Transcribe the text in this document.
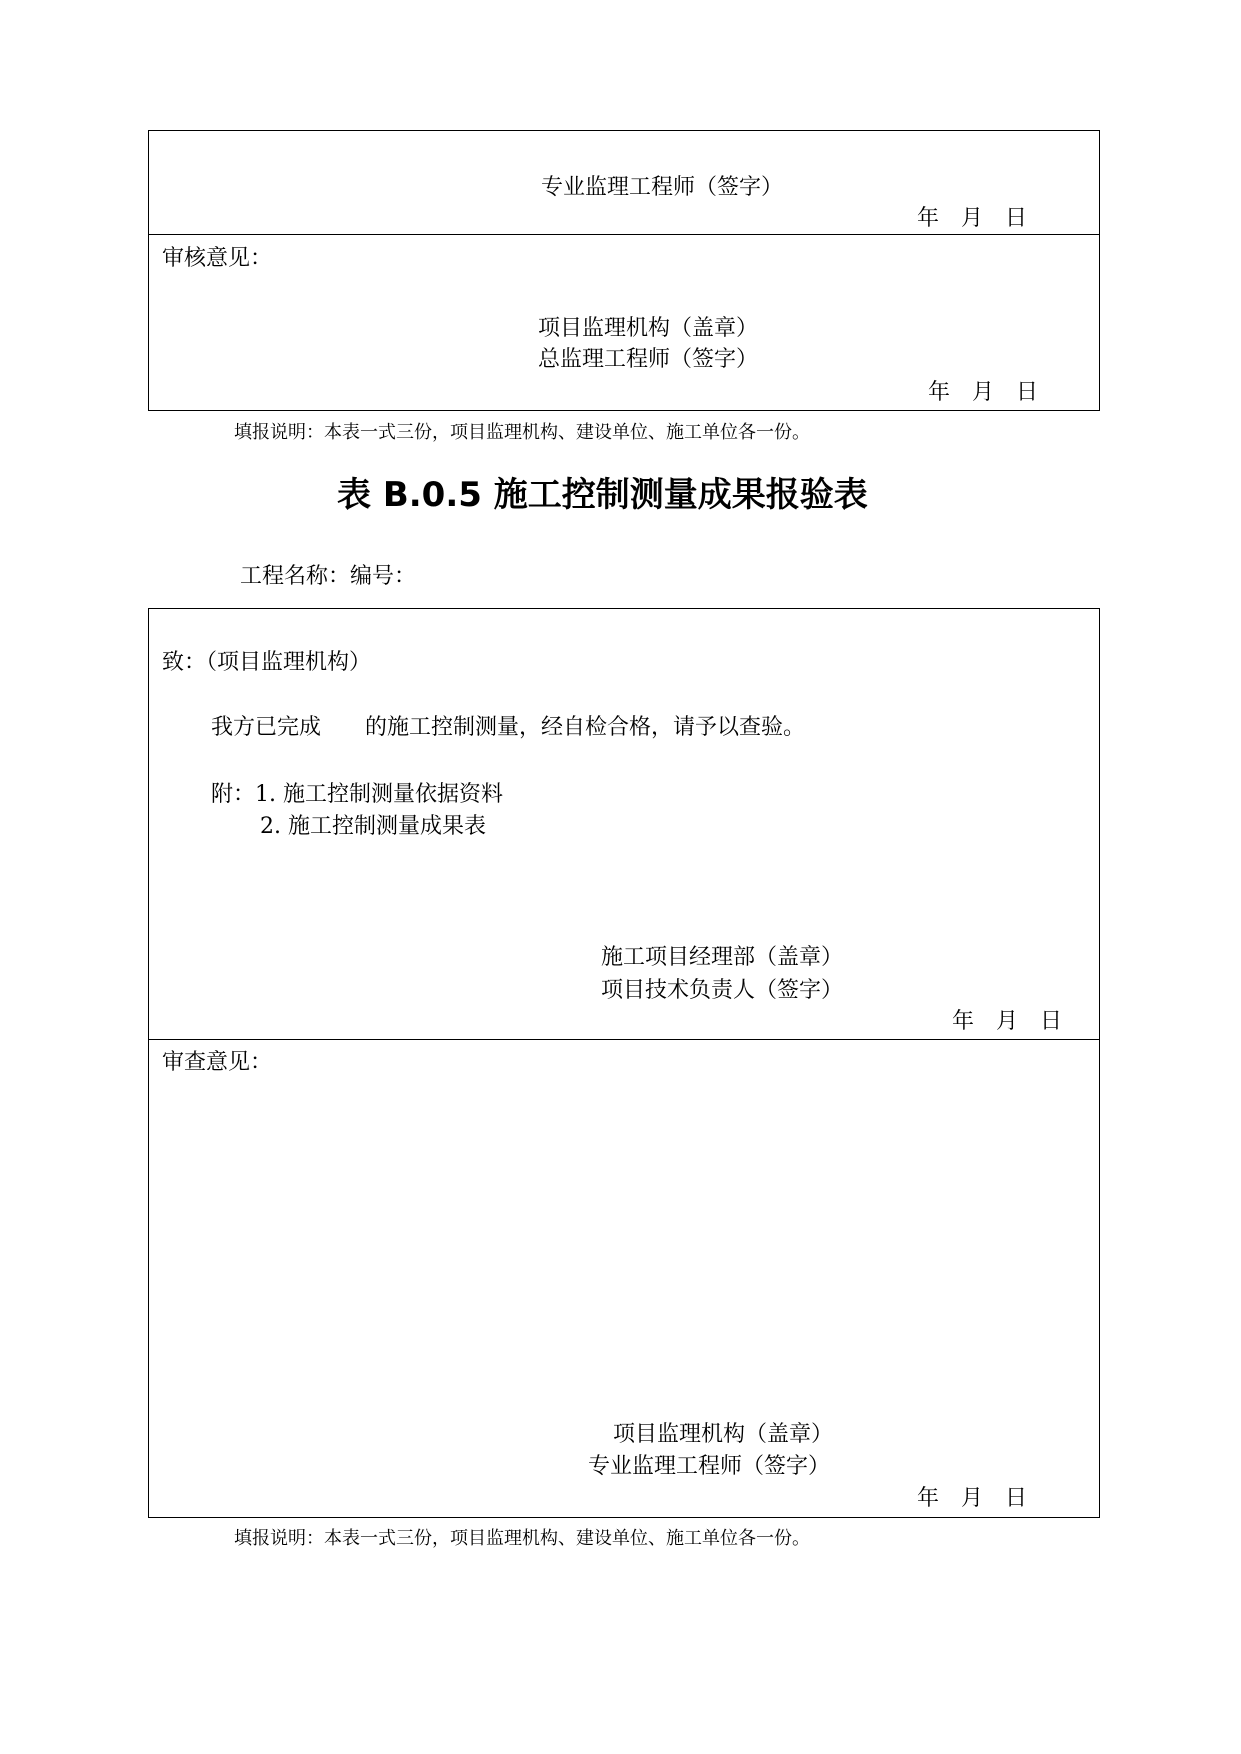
专业监理工程师（签字）
年　月　日
审核意见：
项目监理机构（盖章）
总监理工程师（签字）
年　月　日
填报说明：本表一式三份，项目监理机构、建设单位、施工单位各一份。
表 B.0.5 施工控制测量成果报验表
工程名称：编号：
致：（项目监理机构）
我方已完成　　的施工控制测量，经自检合格，请予以查验。
附：1. 施工控制测量依据资料
2. 施工控制测量成果表
施工项目经理部（盖章）
项目技术负责人（签字）
年　月　日
审查意见：
项目监理机构（盖章）
专业监理工程师（签字）
年　月　日
填报说明：本表一式三份，项目监理机构、建设单位、施工单位各一份。
